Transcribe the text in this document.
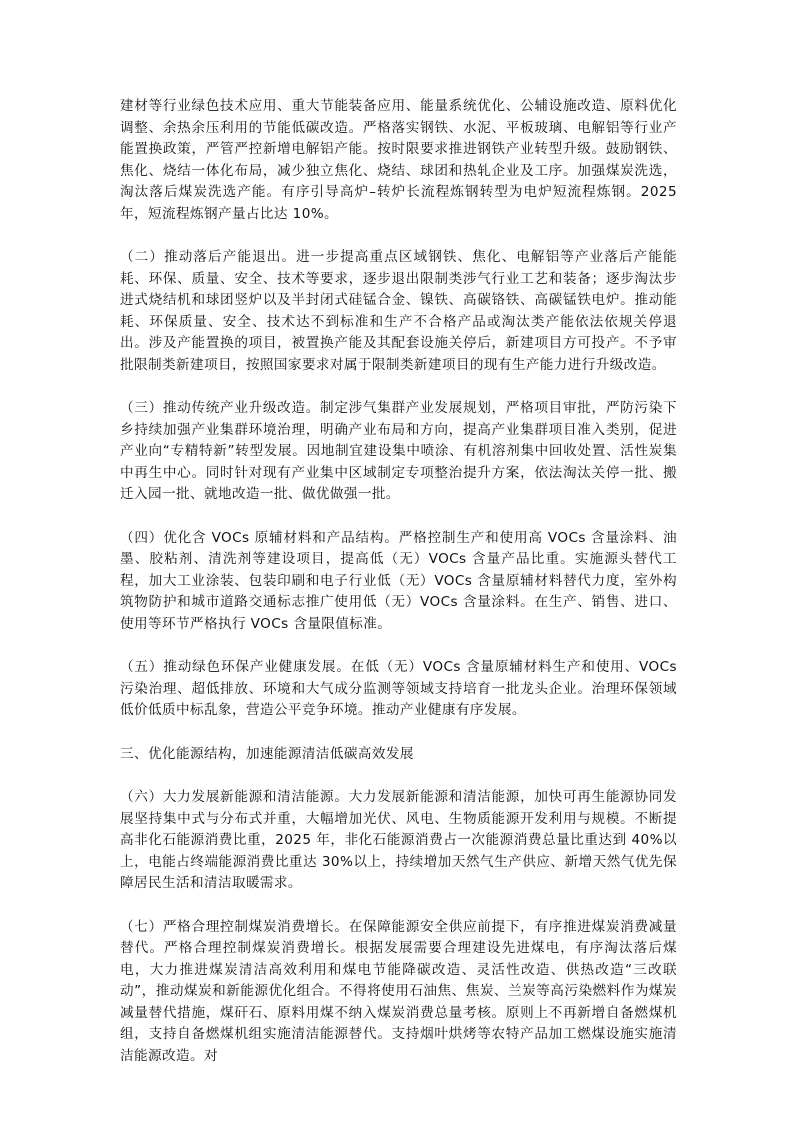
建材等行业绿色技术应用、重大节能装备应用、能量系统优化、公辅设施改造、原料优化调整、余热余压利用的节能低碳改造。严格落实钢铁、水泥、平板玻璃、电解铝等行业产能置换政策，严管严控新增电解铝产能。按时限要求推进钢铁产业转型升级。鼓励钢铁、焦化、烧结一体化布局，减少独立焦化、烧结、球团和热轧企业及工序。加强煤炭洗选，淘汰落后煤炭洗选产能。有序引导高炉–转炉长流程炼钢转型为电炉短流程炼钢。2025 年，短流程炼钢产量占比达 10%。

（二）推动落后产能退出。进一步提高重点区域钢铁、焦化、电解铝等产业落后产能能耗、环保、质量、安全、技术等要求，逐步退出限制类涉气行业工艺和装备；逐步淘汰步进式烧结机和球团竖炉以及半封闭式硅锰合金、镍铁、高碳铬铁、高碳锰铁电炉。推动能耗、环保质量、安全、技术达不到标准和生产不合格产品或淘汰类产能依法依规关停退出。涉及产能置换的项目，被置换产能及其配套设施关停后，新建项目方可投产。不予审批限制类新建项目，按照国家要求对属于限制类新建项目的现有生产能力进行升级改造。

（三）推动传统产业升级改造。制定涉气集群产业发展规划，严格项目审批，严防污染下乡持续加强产业集群环境治理，明确产业布局和方向，提高产业集群项目准入类别，促进产业向“专精特新”转型发展。因地制宜建设集中喷涂、有机溶剂集中回收处置、活性炭集中再生中心。同时针对现有产业集中区域制定专项整治提升方案，依法淘汰关停一批、搬迁入园一批、就地改造一批、做优做强一批。

（四）优化含 VOCs 原辅材料和产品结构。严格控制生产和使用高 VOCs 含量涂料、油墨、胶粘剂、清洗剂等建设项目，提高低（无）VOCs 含量产品比重。实施源头替代工程，加大工业涂装、包装印刷和电子行业低（无）VOCs 含量原辅材料替代力度，室外构筑物防护和城市道路交通标志推广使用低（无）VOCs 含量涂料。在生产、销售、进口、使用等环节严格执行 VOCs 含量限值标准。

（五）推动绿色环保产业健康发展。在低（无）VOCs 含量原辅材料生产和使用、VOCs 污染治理、超低排放、环境和大气成分监测等领域支持培育一批龙头企业。治理环保领域低价低质中标乱象，营造公平竞争环境。推动产业健康有序发展。

三、优化能源结构，加速能源清洁低碳高效发展

（六）大力发展新能源和清洁能源。大力发展新能源和清洁能源，加快可再生能源协同发展坚持集中式与分布式并重，大幅增加光伏、风电、生物质能源开发利用与规模。不断提高非化石能源消费比重，2025 年，非化石能源消费占一次能源消费总量比重达到 40%以上，电能占终端能源消费比重达 30%以上，持续增加天然气生产供应、新增天然气优先保障居民生活和清洁取暖需求。

（七）严格合理控制煤炭消费增长。在保障能源安全供应前提下，有序推进煤炭消费减量替代。严格合理控制煤炭消费增长。根据发展需要合理建设先进煤电，有序淘汰落后煤电，大力推进煤炭清洁高效利用和煤电节能降碳改造、灵活性改造、供热改造“三改联动”，推动煤炭和新能源优化组合。不得将使用石油焦、焦炭、兰炭等高污染燃料作为煤炭减量替代措施，煤矸石、原料用煤不纳入煤炭消费总量考核。原则上不再新增自备燃煤机组，支持自备燃煤机组实施清洁能源替代。支持烟叶烘烤等农特产品加工燃煤设施实施清洁能源改造。对
